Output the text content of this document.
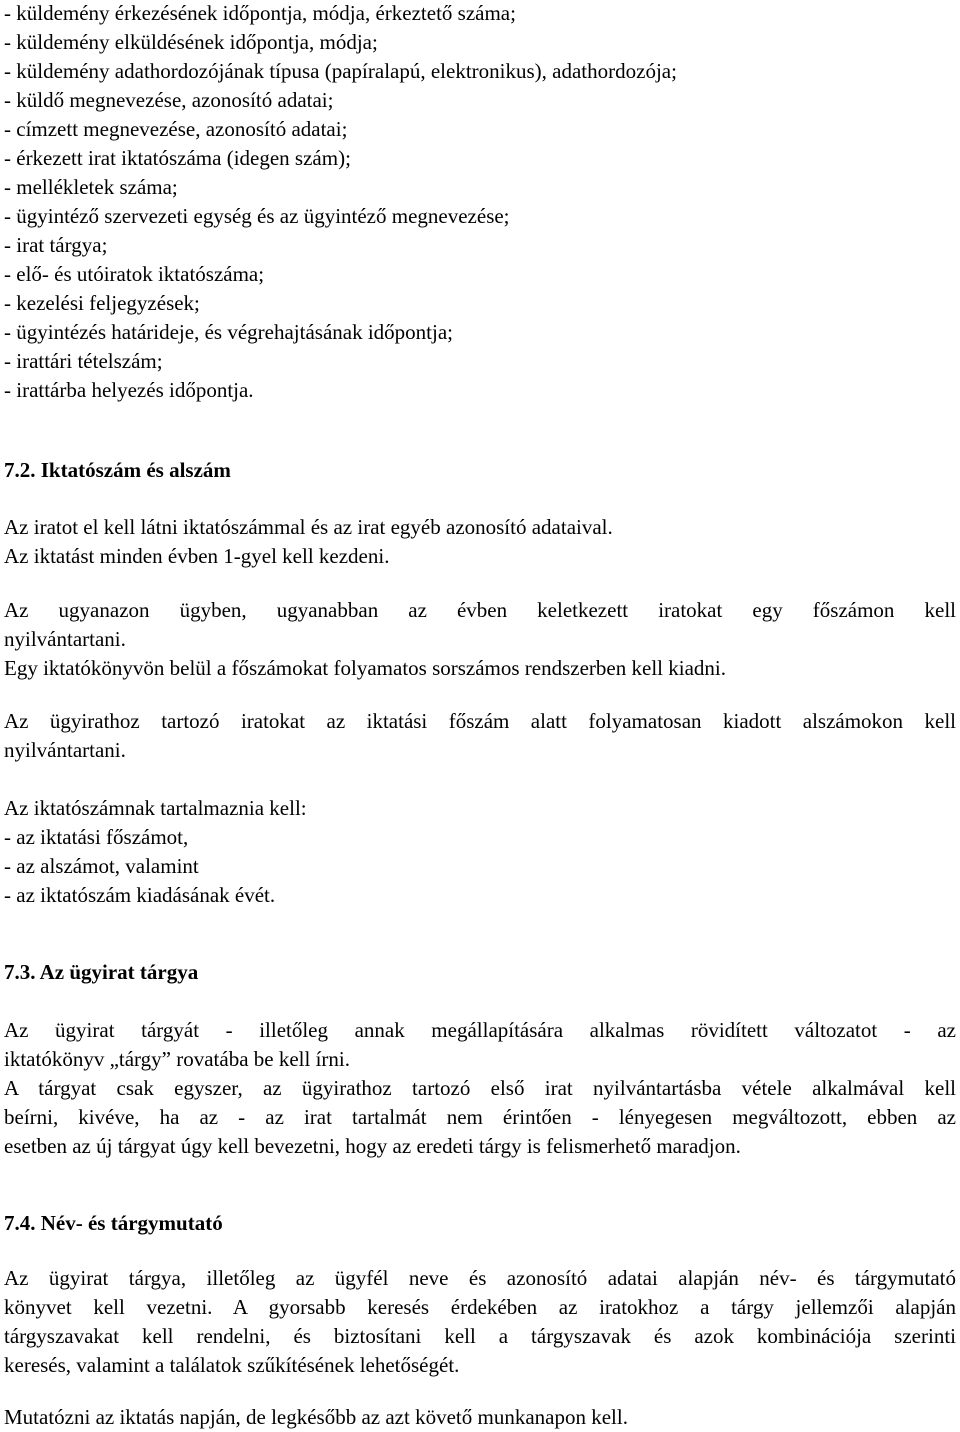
- küldemény érkezésének időpontja, módja, érkeztető száma;
- küldemény elküldésének időpontja, módja;
- küldemény adathordozójának típusa (papíralapú, elektronikus), adathordozója;
- küldő megnevezése, azonosító adatai;
- címzett megnevezése, azonosító adatai;
- érkezett irat iktatószáma (idegen szám);
- mellékletek száma;
- ügyintéző szervezeti egység és az ügyintéző megnevezése;
- irat tárgya;
- elő- és utóiratok iktatószáma;
- kezelési feljegyzések;
- ügyintézés határideje, és végrehajtásának időpontja;
- irattári tételszám;
- irattárba helyezés időpontja.
7.2. Iktatószám és alszám
Az iratot el kell látni iktatószámmal és az irat egyéb azonosító adataival.
Az iktatást minden évben 1-gyel kell kezdeni.
Az ugyanazon ügyben, ugyanabban az évben keletkezett iratokat egy főszámon kell
nyilvántartani.
Egy iktatókönyvön belül a főszámokat folyamatos sorszámos rendszerben kell kiadni.
Az ügyirathoz tartozó iratokat az iktatási főszám alatt folyamatosan kiadott alszámokon kell
nyilvántartani.
Az iktatószámnak tartalmaznia kell:
- az iktatási főszámot,
- az alszámot, valamint
- az iktatószám kiadásának évét.
7.3. Az ügyirat tárgya
Az ügyirat tárgyát - illetőleg annak megállapítására alkalmas rövidített változatot - az
iktatókönyv „tárgy” rovatába be kell írni.
A tárgyat csak egyszer, az ügyirathoz tartozó első irat nyilvántartásba vétele alkalmával kell
beírni, kivéve, ha az - az irat tartalmát nem érintően - lényegesen megváltozott, ebben az
esetben az új tárgyat úgy kell bevezetni, hogy az eredeti tárgy is felismerhető maradjon.
7.4. Név- és tárgymutató
Az ügyirat tárgya, illetőleg az ügyfél neve és azonosító adatai alapján név- és tárgymutató
könyvet kell vezetni. A gyorsabb keresés érdekében az iratokhoz a tárgy jellemzői alapján
tárgyszavakat kell rendelni, és biztosítani kell a tárgyszavak és azok kombinációja szerinti
keresés, valamint a találatok szűkítésének lehetőségét.
Mutatózni az iktatás napján, de legkésőbb az azt követő munkanapon kell.
